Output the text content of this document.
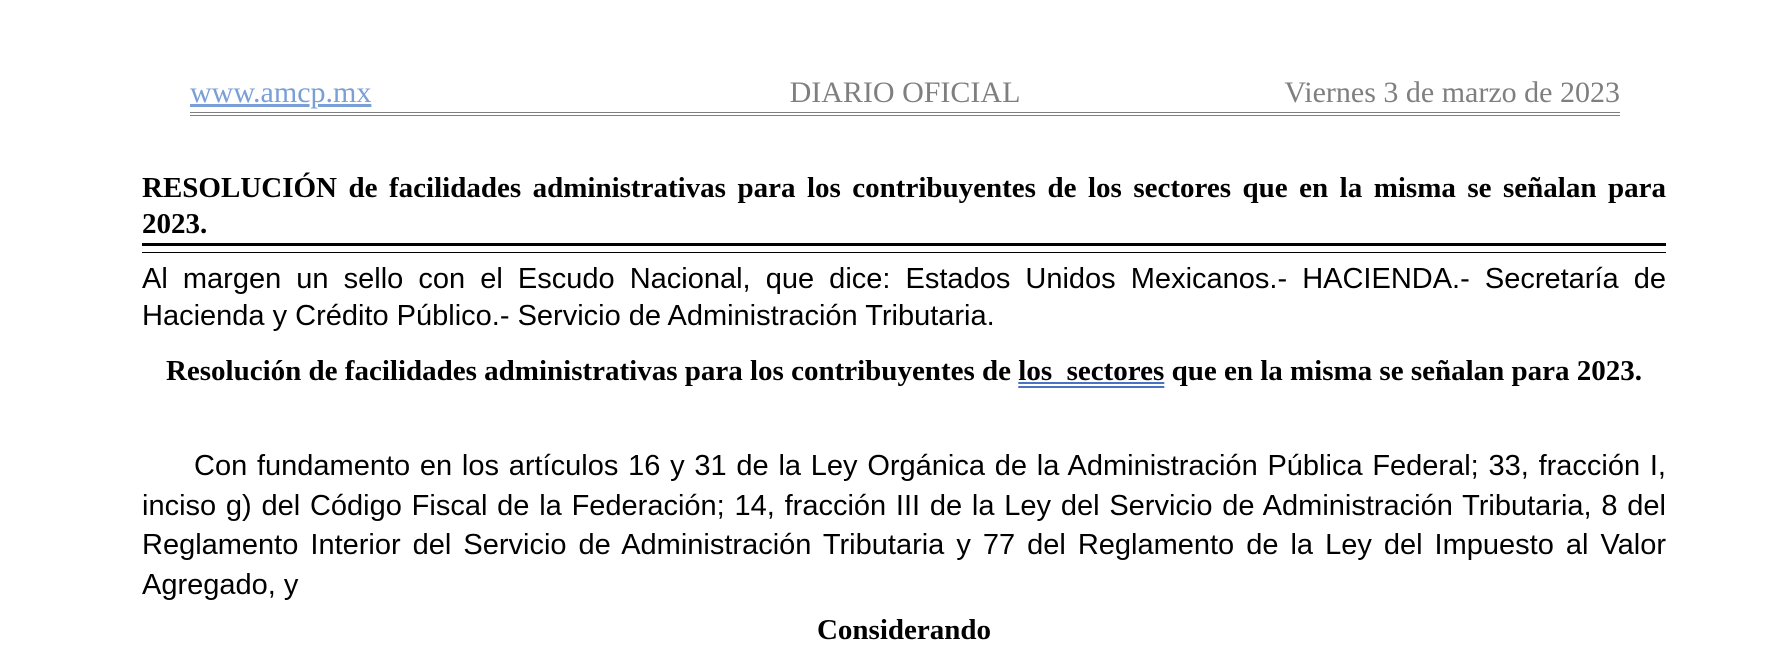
www.amcp.mx	DIARIO OFICIAL	Viernes 3 de marzo de 2023
RESOLUCIÓN de facilidades administrativas para los contribuyentes de los sectores que en la misma se señalan para 2023.
Al margen un sello con el Escudo Nacional, que dice: Estados Unidos Mexicanos.- HACIENDA.- Secretaría de Hacienda y Crédito Público.- Servicio de Administración Tributaria.
Resolución de facilidades administrativas para los contribuyentes de los  sectores que en la misma se señalan para 2023.
Con fundamento en los artículos 16 y 31 de la Ley Orgánica de la Administración Pública Federal; 33, fracción I, inciso g) del Código Fiscal de la Federación; 14, fracción III de la Ley del Servicio de Administración Tributaria, 8 del Reglamento Interior del Servicio de Administración Tributaria y 77 del Reglamento de la Ley del Impuesto al Valor Agregado, y
Considerando
